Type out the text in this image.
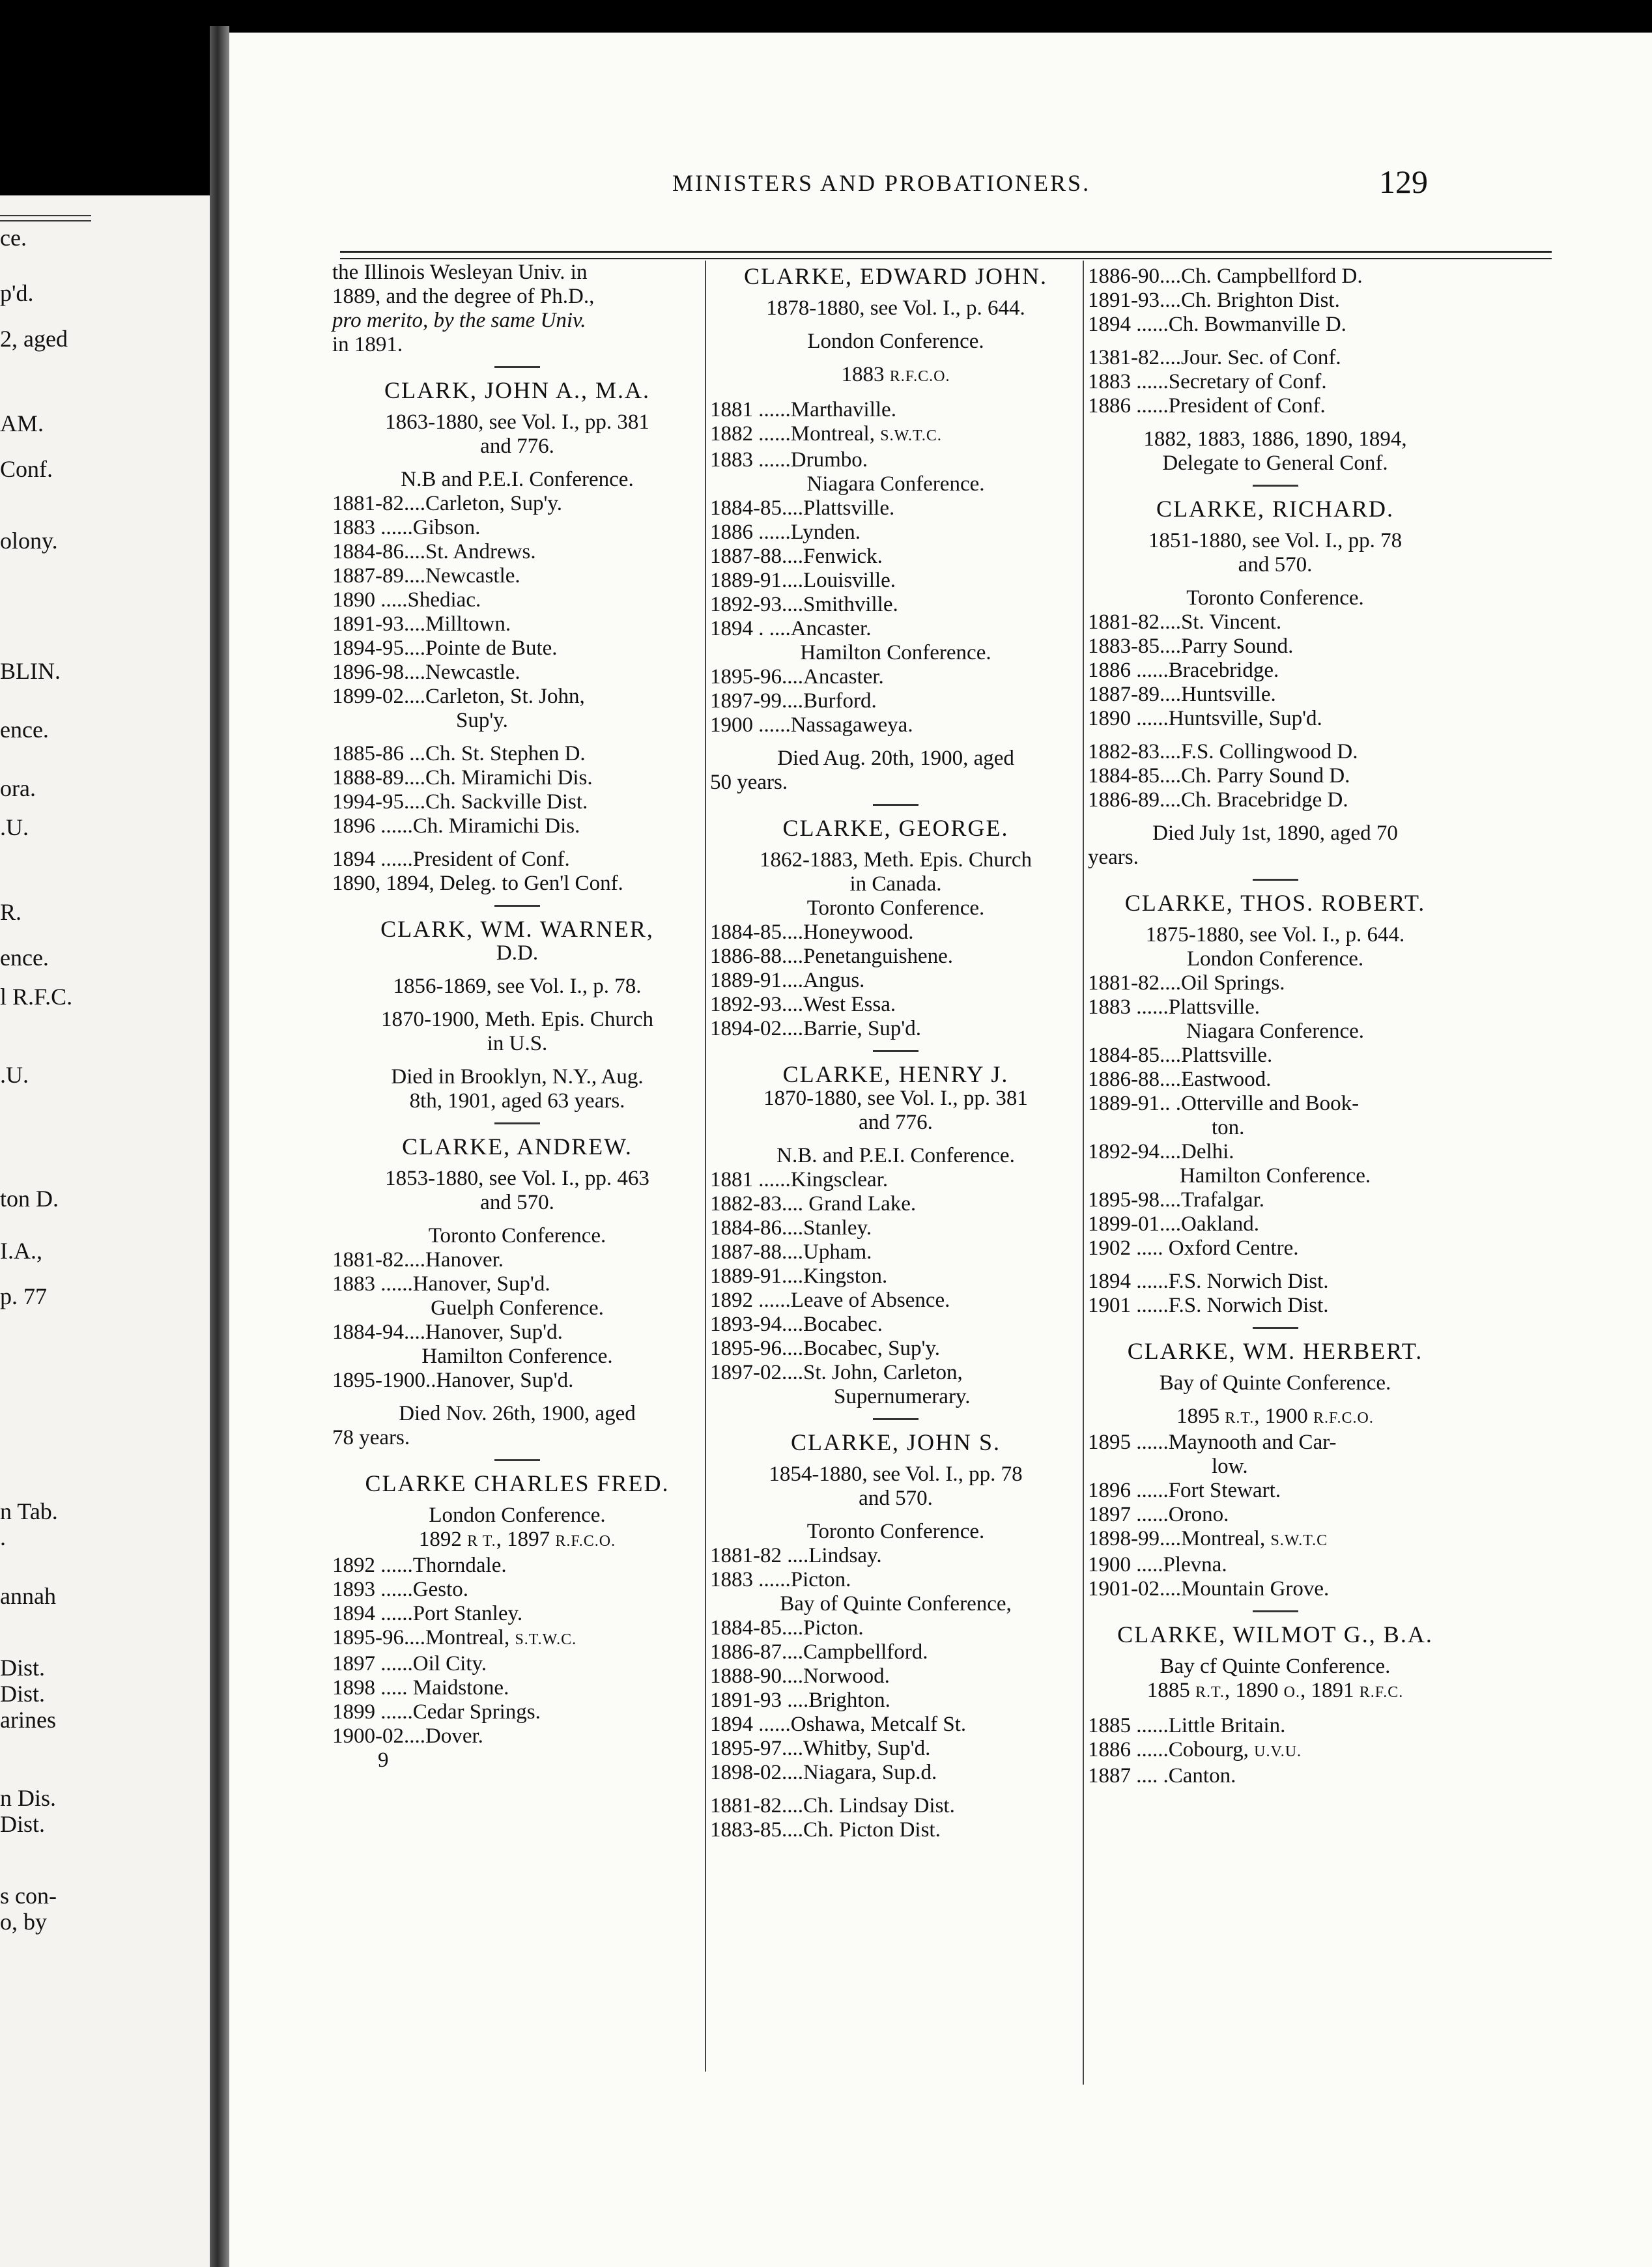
ce.
p'd.
2, aged
AM.
Conf.
olony.
BLIN.
ence.
ora.
.U.
R.
ence.
l R.F.C.
.U.
ton D.
I.A.,
p. 77
n Tab.
.
annah
Dist.
Dist.
arines
n Dis.
Dist.
s con-
o, by
MINISTERS AND PROBATIONERS.	129
the Illinois Wesleyan Univ. in
1889, and the degree of Ph.D.,
pro merito, by the same Univ.
in 1891.
CLARK, JOHN A., M.A.
1863-1880, see Vol. I., pp. 381
and 776.
N.B and P.E.I. Conference.
1881-82....Carleton, Sup'y.
1883 ......Gibson.
1884-86....St. Andrews.
1887-89....Newcastle.
1890 .....Shediac.
1891-93....Milltown.
1894-95....Pointe de Bute.
1896-98....Newcastle.
1899-02....Carleton, St. John,
Sup'y.
1885-86 ...Ch. St. Stephen D.
1888-89....Ch. Miramichi Dis.
1994-95....Ch. Sackville Dist.
1896 ......Ch. Miramichi Dis.
1894 ......President of Conf.
1890, 1894, Deleg. to Gen'l Conf.
CLARK, WM. WARNER,
D.D.
1856-1869, see Vol. I., p. 78.
1870-1900, Meth. Epis. Church
in U.S.
Died in Brooklyn, N.Y., Aug.
8th, 1901, aged 63 years.
CLARKE, ANDREW.
1853-1880, see Vol. I., pp. 463
and 570.
Toronto Conference.
1881-82....Hanover.
1883 ......Hanover, Sup'd.
Guelph Conference.
1884-94....Hanover, Sup'd.
Hamilton Conference.
1895-1900..Hanover, Sup'd.
Died Nov. 26th, 1900, aged
78 years.
CLARKE CHARLES FRED.
London Conference.
1892 R T., 1897 R.F.C.O.
1892 ......Thorndale.
1893 ......Gesto.
1894 ......Port Stanley.
1895-96....Montreal, S.T.W.C.
1897 ......Oil City.
1898 ..... Maidstone.
1899 ......Cedar Springs.
1900-02....Dover.
9
CLARKE, EDWARD JOHN.
1878-1880, see Vol. I., p. 644.
London Conference.
1883 R.F.C.O.
1881 ......Marthaville.
1882 ......Montreal, S.W.T.C.
1883 ......Drumbo.
Niagara Conference.
1884-85....Plattsville.
1886 ......Lynden.
1887-88....Fenwick.
1889-91....Louisville.
1892-93....Smithville.
1894 . ....Ancaster.
Hamilton Conference.
1895-96....Ancaster.
1897-99....Burford.
1900 ......Nassagaweya.
Died Aug. 20th, 1900, aged
50 years.
CLARKE, GEORGE.
1862-1883, Meth. Epis. Church
in Canada.
Toronto Conference.
1884-85....Honeywood.
1886-88....Penetanguishene.
1889-91....Angus.
1892-93....West Essa.
1894-02....Barrie, Sup'd.
CLARKE, HENRY J.
1870-1880, see Vol. I., pp. 381
and 776.
N.B. and P.E.I. Conference.
1881 ......Kingsclear.
1882-83.... Grand Lake.
1884-86....Stanley.
1887-88....Upham.
1889-91....Kingston.
1892 ......Leave of Absence.
1893-94....Bocabec.
1895-96....Bocabec, Sup'y.
1897-02....St. John, Carleton,
Supernumerary.
CLARKE, JOHN S.
1854-1880, see Vol. I., pp. 78
and 570.
Toronto Conference.
1881-82 ....Lindsay.
1883 ......Picton.
Bay of Quinte Conference,
1884-85....Picton.
1886-87....Campbellford.
1888-90....Norwood.
1891-93 ....Brighton.
1894 ......Oshawa, Metcalf St.
1895-97....Whitby, Sup'd.
1898-02....Niagara, Sup.d.
1881-82....Ch. Lindsay Dist.
1883-85....Ch. Picton Dist.
1886-90....Ch. Campbellford D.
1891-93....Ch. Brighton Dist.
1894 ......Ch. Bowmanville D.
1381-82....Jour. Sec. of Conf.
1883 ......Secretary of Conf.
1886 ......President of Conf.
1882, 1883, 1886, 1890, 1894,
Delegate to General Conf.
CLARKE, RICHARD.
1851-1880, see Vol. I., pp. 78
and 570.
Toronto Conference.
1881-82....St. Vincent.
1883-85....Parry Sound.
1886 ......Bracebridge.
1887-89....Huntsville.
1890 ......Huntsville, Sup'd.
1882-83....F.S. Collingwood D.
1884-85....Ch. Parry Sound D.
1886-89....Ch. Bracebridge D.
Died July 1st, 1890, aged 70
years.
CLARKE, THOS. ROBERT.
1875-1880, see Vol. I., p. 644.
London Conference.
1881-82....Oil Springs.
1883 ......Plattsville.
Niagara Conference.
1884-85....Plattsville.
1886-88....Eastwood.
1889-91.. .Otterville and Book-
ton.
1892-94....Delhi.
Hamilton Conference.
1895-98....Trafalgar.
1899-01....Oakland.
1902 ..... Oxford Centre.
1894 ......F.S. Norwich Dist.
1901 ......F.S. Norwich Dist.
CLARKE, WM. HERBERT.
Bay of Quinte Conference.
1895 R.T., 1900 R.F.C.O.
1895 ......Maynooth and Car-
low.
1896 ......Fort Stewart.
1897 ......Orono.
1898-99....Montreal, S.W.T.C
1900 .....Plevna.
1901-02....Mountain Grove.
CLARKE, WILMOT G., B.A.
Bay cf Quinte Conference.
1885 R.T., 1890 O., 1891 R.F.C.
1885 ......Little Britain.
1886 ......Cobourg, U.V.U.
1887 .... .Canton.
